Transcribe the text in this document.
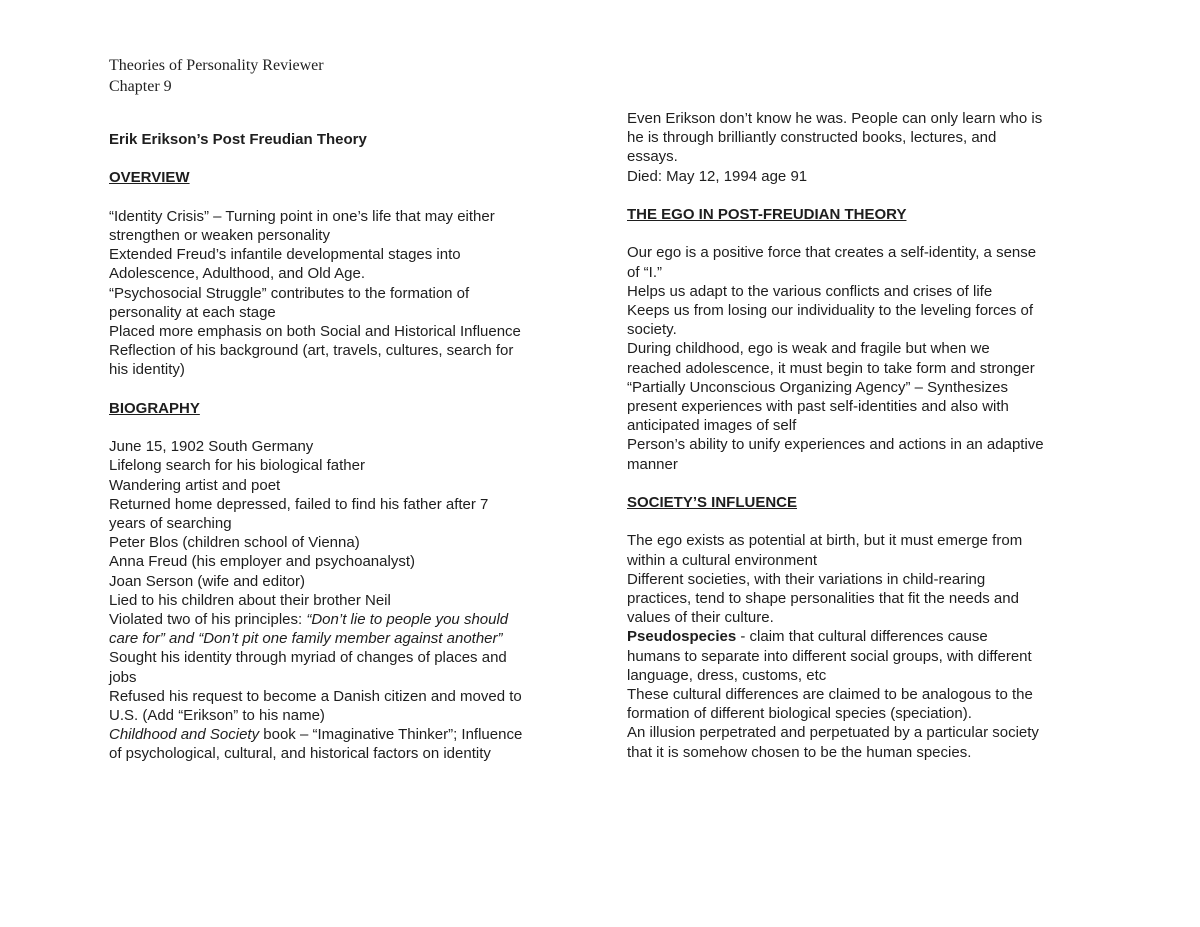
Theories of Personality Reviewer
Chapter 9
Erik Erikson’s Post Freudian Theory
OVERVIEW
“Identity Crisis” – Turning point in one’s life that may either
strengthen or weaken personality
Extended Freud’s infantile developmental stages into
Adolescence, Adulthood, and Old Age.
“Psychosocial Struggle” contributes to the formation of
personality at each stage
Placed more emphasis on both Social and Historical Influence
Reflection of his background (art, travels, cultures, search for
his identity)
BIOGRAPHY
June 15, 1902 South Germany
Lifelong search for his biological father
Wandering artist and poet
Returned home depressed, failed to find his father after 7
years of searching
Peter Blos (children school of Vienna)
Anna Freud (his employer and psychoanalyst)
Joan Serson (wife and editor)
Lied to his children about their brother Neil
Violated two of his principles: “Don’t lie to people you should
care for” and “Don’t pit one family member against another”
Sought his identity through myriad of changes of places and
jobs
Refused his request to become a Danish citizen and moved to
U.S. (Add “Erikson” to his name)
Childhood and Society book – “Imaginative Thinker”; Influence
of psychological, cultural, and historical factors on identity
Even Erikson don’t know he was. People can only learn who is
he is through brilliantly constructed books, lectures, and
essays.
Died: May 12, 1994 age 91
THE EGO IN POST-FREUDIAN THEORY
Our ego is a positive force that creates a self-identity, a sense
of “I.”
Helps us adapt to the various conflicts and crises of life
Keeps us from losing our individuality to the leveling forces of
society.
During childhood, ego is weak and fragile but when we
reached adolescence, it must begin to take form and stronger
“Partially Unconscious Organizing Agency” – Synthesizes
present experiences with past self-identities and also with
anticipated images of self
Person’s ability to unify experiences and actions in an adaptive
manner
SOCIETY’S INFLUENCE
The ego exists as potential at birth, but it must emerge from
within a cultural environment
Different societies, with their variations in child-rearing
practices, tend to shape personalities that fit the needs and
values of their culture.
Pseudospecies - claim that cultural differences cause
humans to separate into different social groups, with different
language, dress, customs, etc
These cultural differences are claimed to be analogous to the
formation of different biological species (speciation).
An illusion perpetrated and perpetuated by a particular society
that it is somehow chosen to be the human species.
